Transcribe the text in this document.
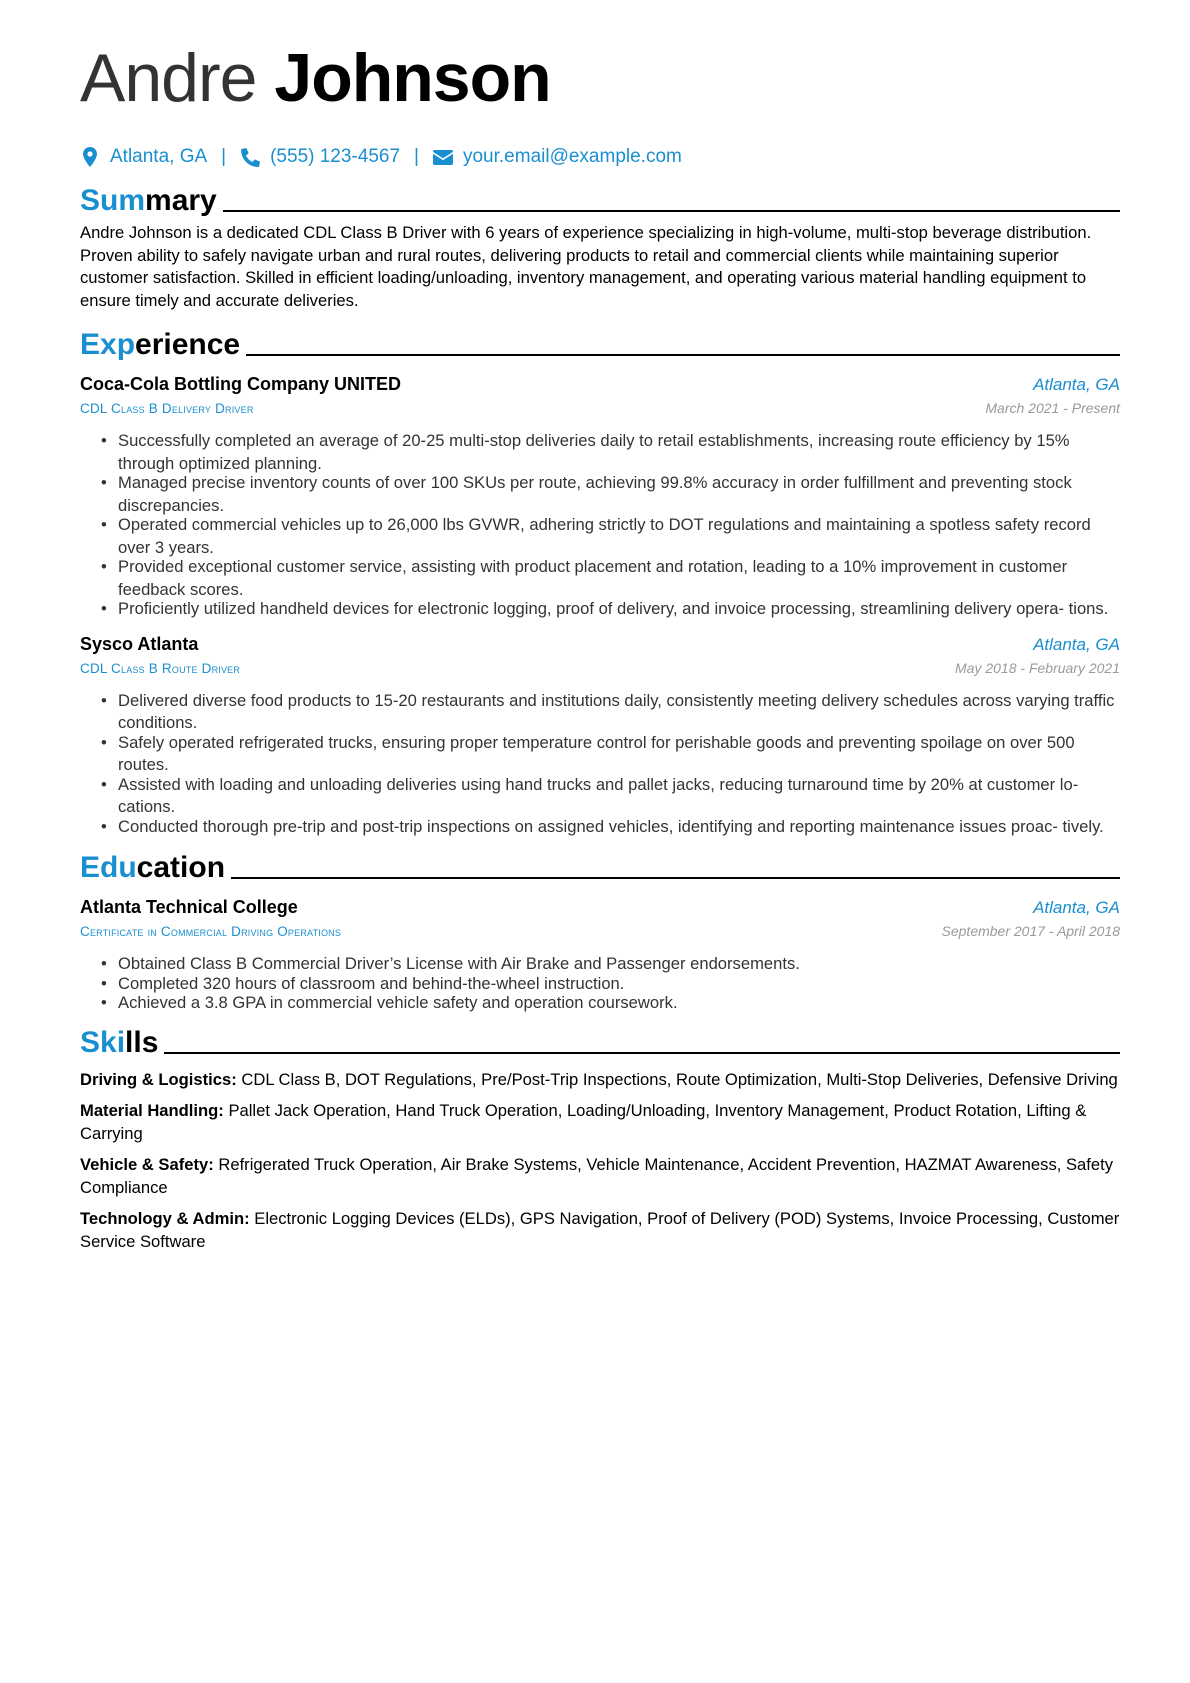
Andre Johnson
Atlanta, GA | (555) 123-4567 | your.email@example.com
Sum mary
Andre Johnson is a dedicated CDL Class B Driver with 6 years of experience specializing in high-volume, multi-stop beverage distribution. Proven ability to safely navigate urban and rural routes, delivering products to retail and commercial clients while maintaining superior customer satisfaction. Skilled in efficient loading/unloading, inventory management, and operating various material handling equipment to ensure timely and accurate deliveries.
Exp erience
Coca-Cola Bottling Company UNITED	Atlanta, GA
CDL Class B Delivery Driver	March 2021 - Present
• Successfully completed an average of 20-25 multi-stop deliveries daily to retail establishments, increasing route efficiency by 15% through optimized planning.
• Managed precise inventory counts of over 100 SKUs per route, achieving 99.8% accuracy in order fulfillment and preventing stock discrepancies.
• Operated commercial vehicles up to 26,000 lbs GVWR, adhering strictly to DOT regulations and maintaining a spotless safety record over 3 years.
• Provided exceptional customer service, assisting with product placement and rotation, leading to a 10% improvement in customer feedback scores.
• Proficiently utilized handheld devices for electronic logging, proof of delivery, and invoice processing, streamlining delivery opera- tions.
Sysco Atlanta	Atlanta, GA
CDL Class B Route Driver	May 2018 - February 2021
• Delivered diverse food products to 15-20 restaurants and institutions daily, consistently meeting delivery schedules across varying traffic conditions.
• Safely operated refrigerated trucks, ensuring proper temperature control for perishable goods and preventing spoilage on over 500 routes.
• Assisted with loading and unloading deliveries using hand trucks and pallet jacks, reducing turnaround time by 20% at customer lo- cations.
• Conducted thorough pre-trip and post-trip inspections on assigned vehicles, identifying and reporting maintenance issues proac- tively.
Edu cation
Atlanta Technical College	Atlanta, GA
Certificate in Commercial Driving Operations	September 2017 - April 2018
• Obtained Class B Commercial Driver’s License with Air Brake and Passenger endorsements.
• Completed 320 hours of classroom and behind-the-wheel instruction.
• Achieved a 3.8 GPA in commercial vehicle safety and operation coursework.
Ski lls
Driving & Logistics: CDL Class B, DOT Regulations, Pre/Post-Trip Inspections, Route Optimization, Multi-Stop Deliveries, Defensive Driving
Material Handling: Pallet Jack Operation, Hand Truck Operation, Loading/Unloading, Inventory Management, Product Rotation, Lifting & Carrying
Vehicle & Safety: Refrigerated Truck Operation, Air Brake Systems, Vehicle Maintenance, Accident Prevention, HAZMAT Awareness, Safety Compliance
Technology & Admin: Electronic Logging Devices (ELDs), GPS Navigation, Proof of Delivery (POD) Systems, Invoice Processing, Customer Service Software
